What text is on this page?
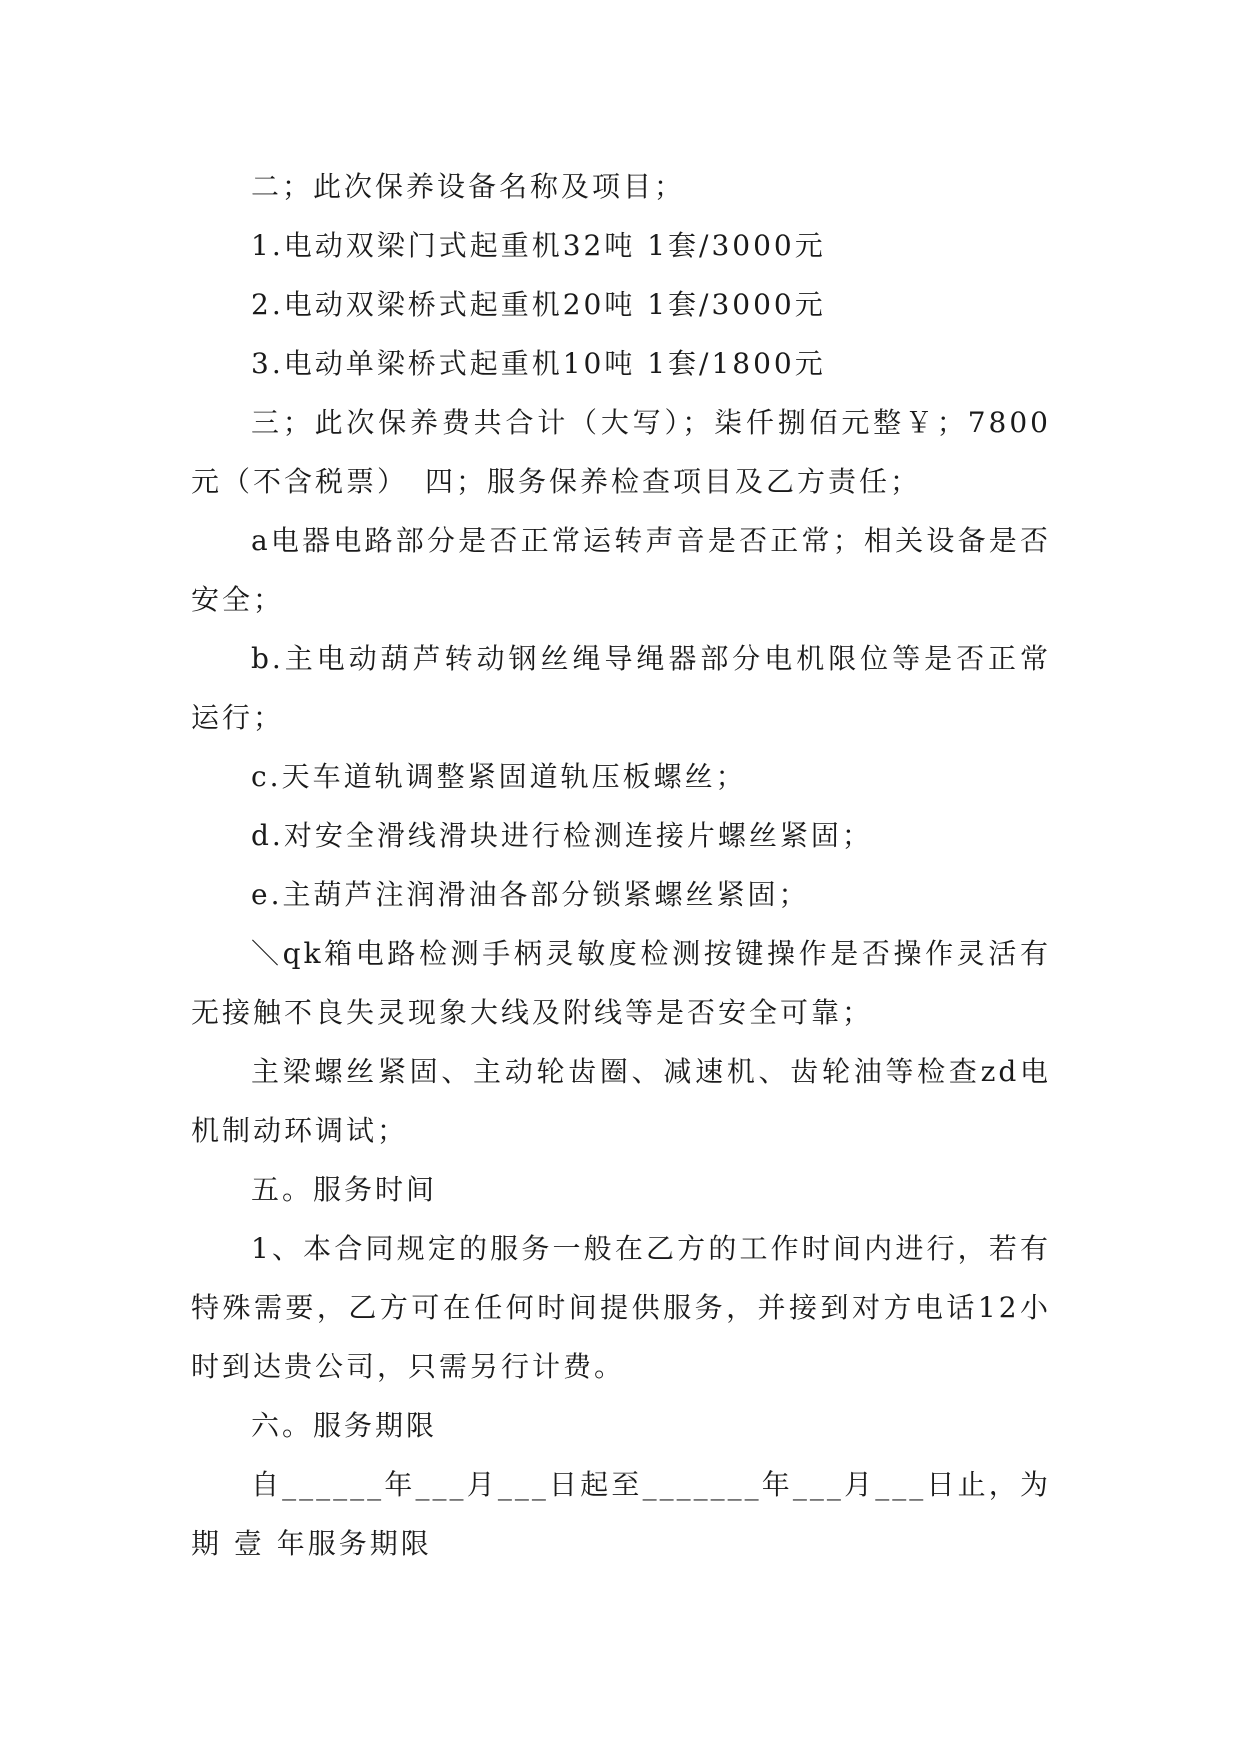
二；此次保养设备名称及项目；

1.电动双梁门式起重机32吨 1套/3000元

2.电动双梁桥式起重机20吨 1套/3000元

3.电动单梁桥式起重机10吨 1套/1800元

三；此次保养费共合计（大写）；柒仟捌佰元整￥；7800元（不含税票）　四；服务保养检查项目及乙方责任；

a电器电路部分是否正常运转声音是否正常；相关设备是否安全；

b.主电动葫芦转动钢丝绳导绳器部分电机限位等是否正常运行；

c.天车道轨调整紧固道轨压板螺丝；

d.对安全滑线滑块进行检测连接片螺丝紧固；

e.主葫芦注润滑油各部分锁紧螺丝紧固；

＼qk箱电路检测手柄灵敏度检测按键操作是否操作灵活有无接触不良失灵现象大线及附线等是否安全可靠；

主梁螺丝紧固、主动轮齿圈、减速机、齿轮油等检查zd电机制动环调试；

五。服务时间

1、本合同规定的服务一般在乙方的工作时间内进行，若有特殊需要，乙方可在任何时间提供服务，并接到对方电话12小时到达贵公司，只需另行计费。

六。服务期限

自______年___月___日起至_______年___月___日止，为期 壹 年服务期限
